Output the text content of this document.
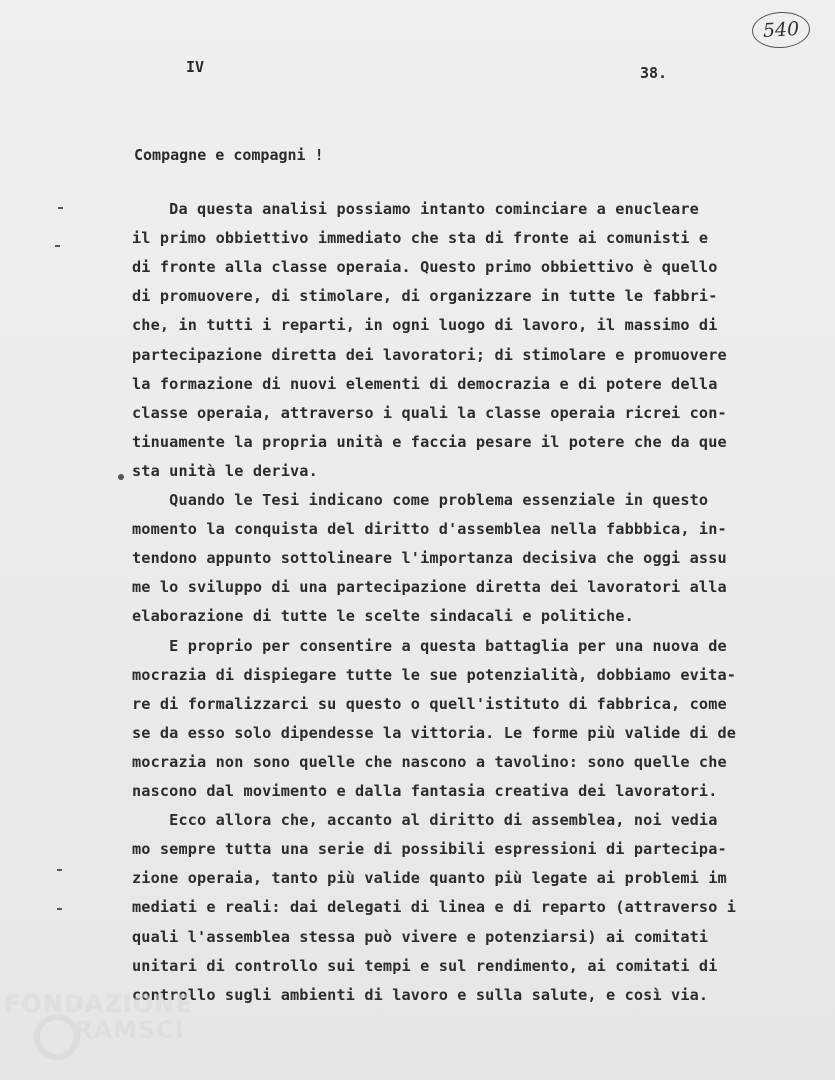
540
IV	38.
Compagne e compagni !
Da questa analisi possiamo intanto cominciare a enucleare
il primo obbiettivo immediato che sta di fronte ai comunisti e
di fronte alla classe operaia. Questo primo obbiettivo è quello
di promuovere, di stimolare, di organizzare in tutte le fabbri-
che, in tutti i reparti, in ogni luogo di lavoro, il massimo di
partecipazione diretta dei lavoratori; di stimolare e promuovere
la formazione di nuovi elementi di democrazia e di potere della
classe operaia, attraverso i quali la classe operaia ricrei con-
tinuamente la propria unità e faccia pesare il potere che da que
sta unità le deriva.
Quando le Tesi indicano come problema essenziale in questo
momento la conquista del diritto d'assemblea nella fabbbica, in-
tendono appunto sottolineare l'importanza decisiva che oggi assu
me lo sviluppo di una partecipazione diretta dei lavoratori alla
elaborazione di tutte le scelte sindacali e politiche.
E proprio per consentire a questa battaglia per una nuova de
mocrazia di dispiegare tutte le sue potenzialità, dobbiamo evita-
re di formalizzarci su questo o quell'istituto di fabbrica, come
se da esso solo dipendesse la vittoria. Le forme più valide di de
mocrazia non sono quelle che nascono a tavolino: sono quelle che
nascono dal movimento e dalla fantasia creativa dei lavoratori.
Ecco allora che, accanto al diritto di assemblea, noi vedia
mo sempre tutta una serie di possibili espressioni di partecipa-
zione operaia, tanto più valide quanto più legate ai problemi im
mediati e reali: dai delegati di linea e di reparto (attraverso i
quali l'assemblea stessa può vivere e potenziarsi) ai comitati
unitari di controllo sui tempi e sul rendimento, ai comitati di
controllo sugli ambienti di lavoro e sulla salute, e così via.
FONDAZIONE
RAMSCI
